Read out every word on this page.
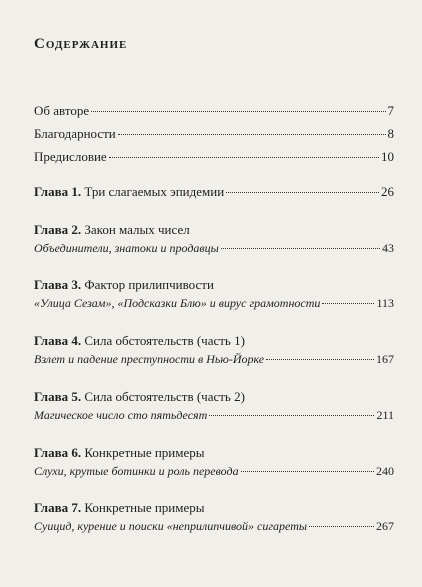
Содержание
Об авторе	7
Благодарности	8
Предисловие	10
Глава 1. Три слагаемых эпидемии	26
Глава 2. Закон малых чисел
Объединители, знатоки и продавцы	43
Глава 3. Фактор прилипчивости
«Улица Сезам», «Подсказки Блю» и вирус грамотности	113
Глава 4. Сила обстоятельств (часть 1)
Взлет и падение преступности в Нью-Йорке	167
Глава 5. Сила обстоятельств (часть 2)
Магическое число сто пятьдесят	211
Глава 6. Конкретные примеры
Слухи, крутые ботинки и роль перевода	240
Глава 7. Конкретные примеры
Суицид, курение и поиски «неприлипчивой» сигареты	267
